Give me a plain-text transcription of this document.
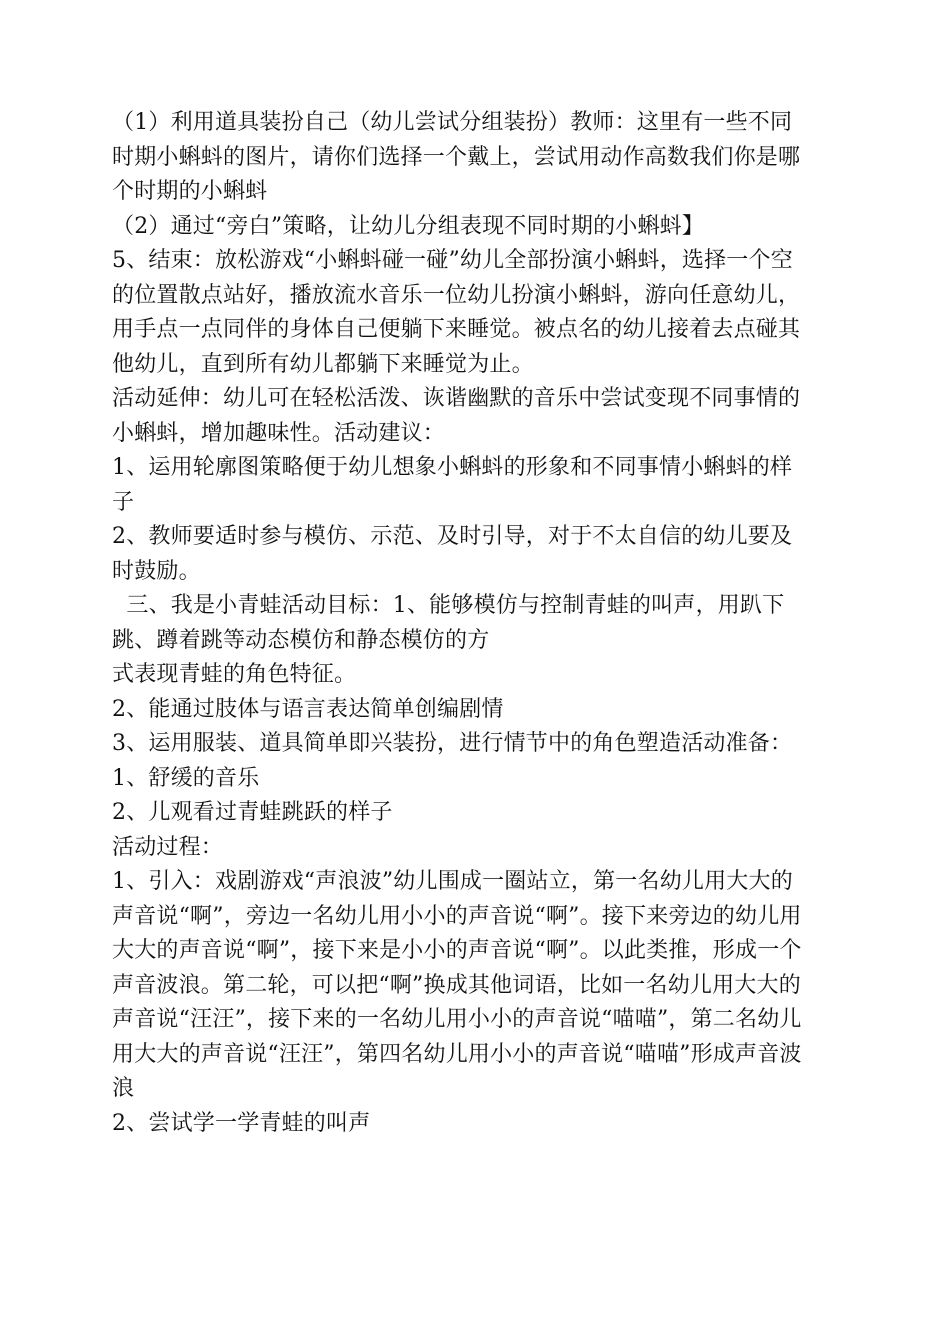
（1）利用道具装扮自己（幼儿尝试分组装扮）教师：这里有一些不同
时期小蝌蚪的图片，请你们选择一个戴上，尝试用动作高数我们你是哪
个时期的小蝌蚪
（2）通过“旁白”策略，让幼儿分组表现不同时期的小蝌蚪】
5、结束：放松游戏“小蝌蚪碰一碰”幼儿全部扮演小蝌蚪，选择一个空
的位置散点站好，播放流水音乐一位幼儿扮演小蝌蚪，游向任意幼儿，
用手点一点同伴的身体自己便躺下来睡觉。被点名的幼儿接着去点碰其
他幼儿，直到所有幼儿都躺下来睡觉为止。
活动延伸：幼儿可在轻松活泼、诙谐幽默的音乐中尝试变现不同事情的
小蝌蚪，增加趣味性。活动建议：
1、运用轮廓图策略便于幼儿想象小蝌蚪的形象和不同事情小蝌蚪的样
子
2、教师要适时参与模仿、示范、及时引导，对于不太自信的幼儿要及
时鼓励。
三、我是小青蛙活动目标：1、能够模仿与控制青蛙的叫声，用趴下
跳、蹲着跳等动态模仿和静态模仿的方
式表现青蛙的角色特征。
2、能通过肢体与语言表达简单创编剧情
3、运用服装、道具简单即兴装扮，进行情节中的角色塑造活动准备：
1、舒缓的音乐
2、儿观看过青蛙跳跃的样子
活动过程：
1、引入：戏剧游戏“声浪波”幼儿围成一圈站立，第一名幼儿用大大的
声音说“啊”，旁边一名幼儿用小小的声音说“啊”。接下来旁边的幼儿用
大大的声音说“啊”，接下来是小小的声音说“啊”。以此类推，形成一个
声音波浪。第二轮，可以把“啊”换成其他词语，比如一名幼儿用大大的
声音说“汪汪”，接下来的一名幼儿用小小的声音说“喵喵”，第二名幼儿
用大大的声音说“汪汪”，第四名幼儿用小小的声音说“喵喵”形成声音波
浪
2、尝试学一学青蛙的叫声
